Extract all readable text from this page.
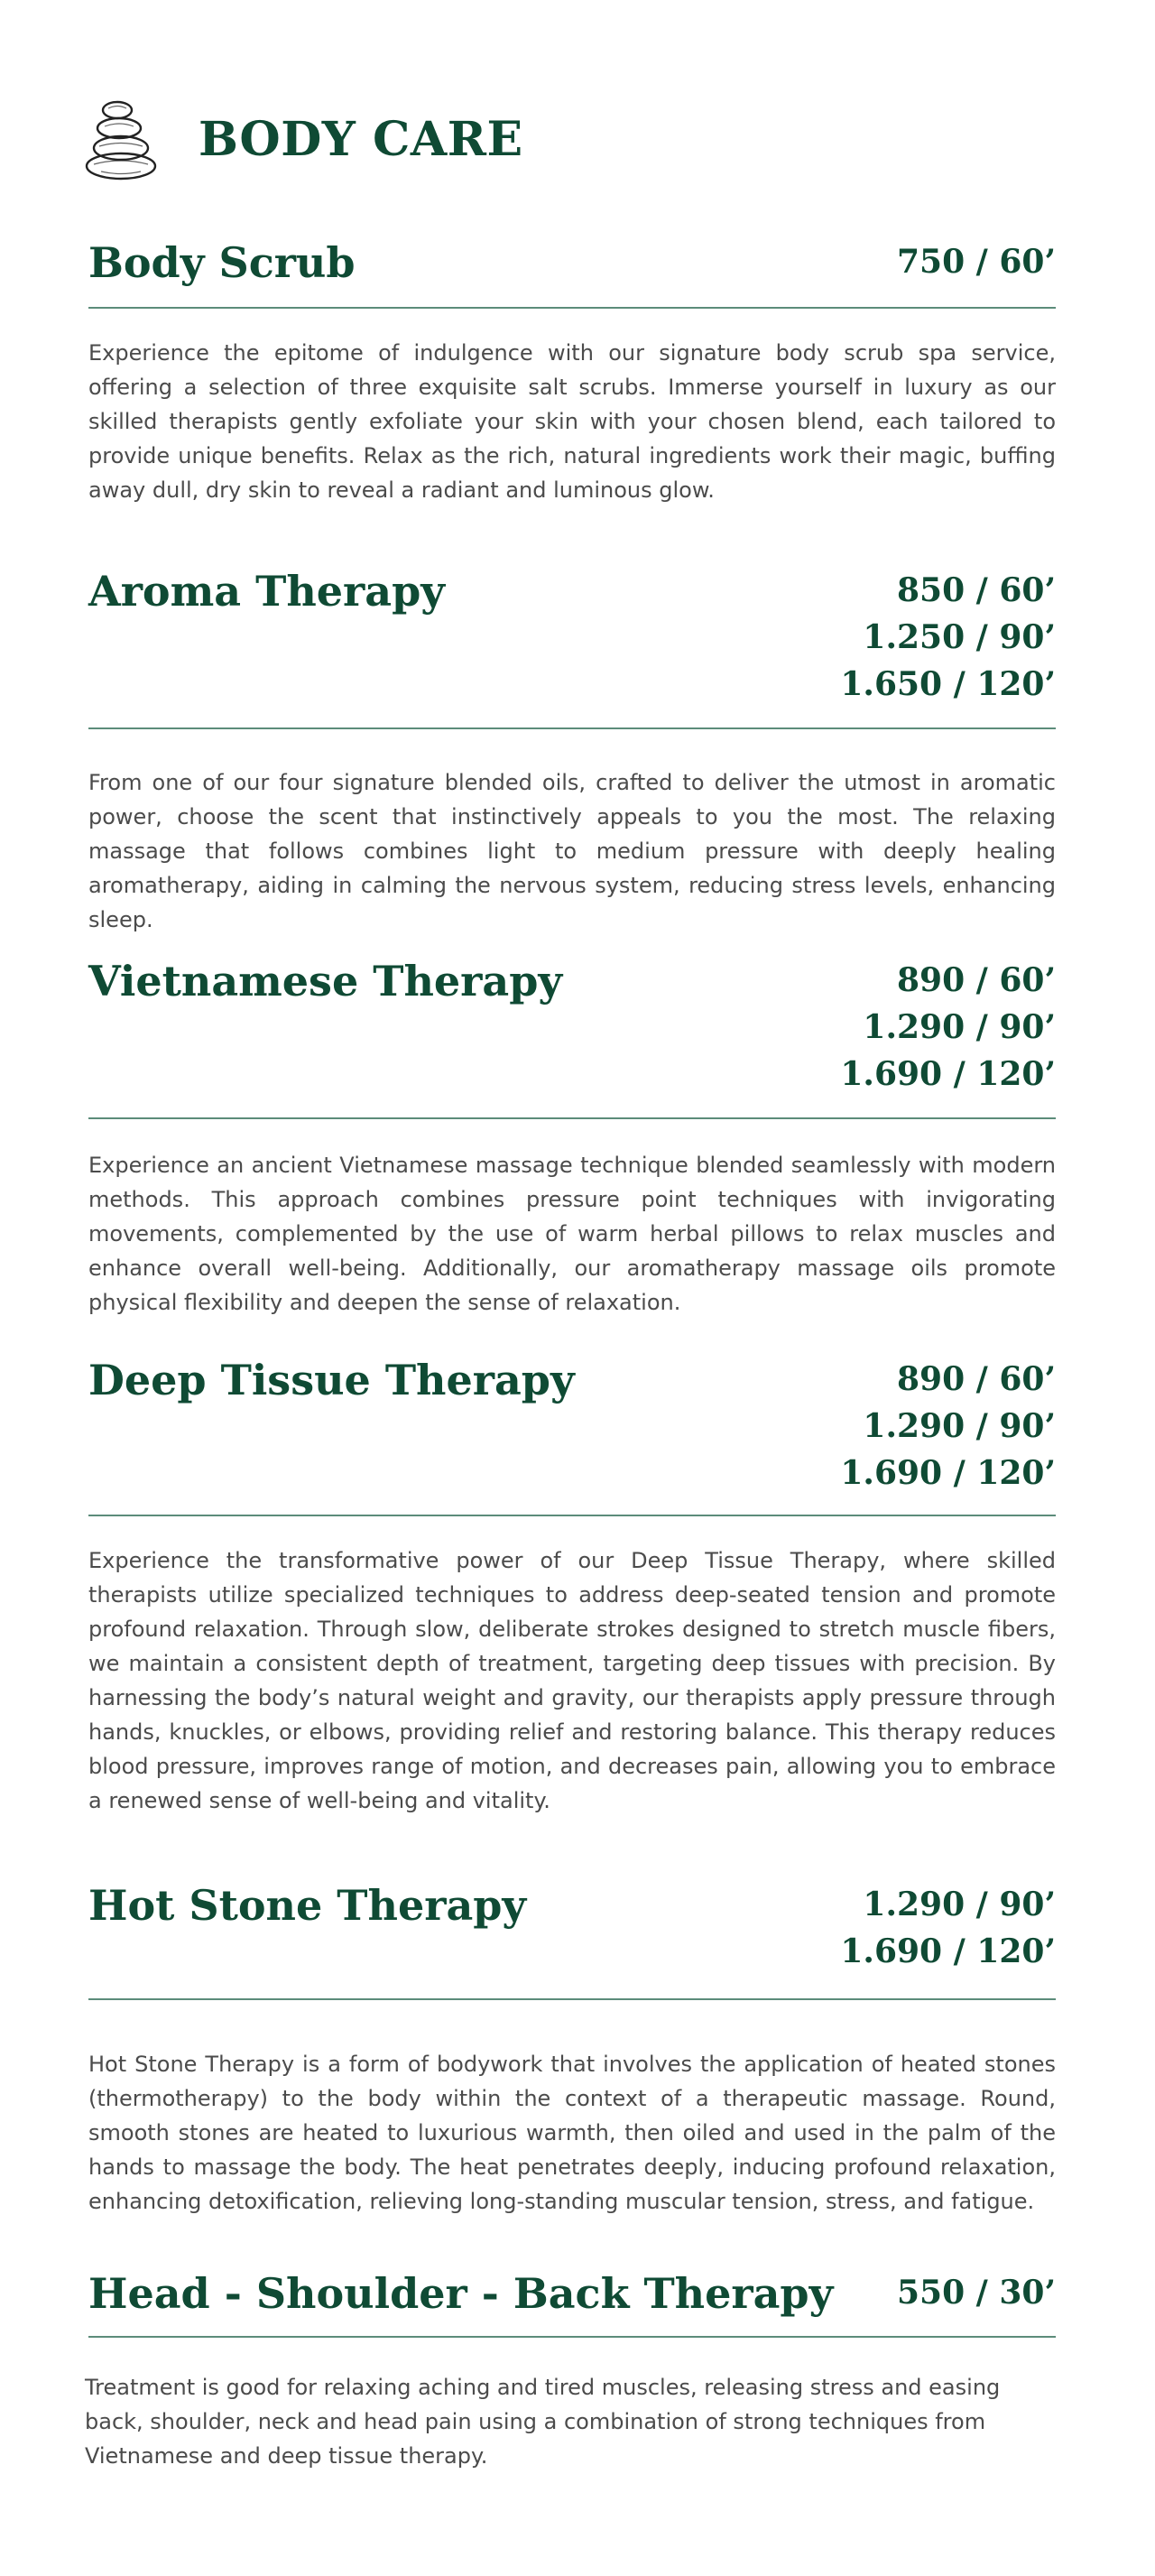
BODY CARE
Body Scrub	750 / 60’
Experience the epitome of indulgence with our signature body scrub spa service, offering a selection of three exquisite salt scrubs. Immerse yourself in luxury as our skilled therapists gently exfoliate your skin with your chosen blend, each tailored to provide unique benefits. Relax as the rich, natural ingredients work their magic, buffing away dull, dry skin to reveal a radiant and luminous glow.
Aroma Therapy	850 / 60’
1.250 / 90’
1.650 / 120’
From one of our four signature blended oils, crafted to deliver the utmost in aromatic power, choose the scent that instinctively appeals to you the most. The relaxing massage that follows combines light to medium pressure with deeply healing aromatherapy, aiding in calming the nervous system, reducing stress levels, enhancing sleep.
Vietnamese Therapy	890 / 60’
1.290 / 90’
1.690 / 120’
Experience an ancient Vietnamese massage technique blended seamlessly with modern methods. This approach combines pressure point techniques with invigorating movements, complemented by the use of warm herbal pillows to relax muscles and enhance overall well-being. Additionally, our aromatherapy massage oils promote physical flexibility and deepen the sense of relaxation.
Deep Tissue Therapy	890 / 60’
1.290 / 90’
1.690 / 120’
Experience the transformative power of our Deep Tissue Therapy, where skilled therapists utilize specialized techniques to address deep-seated tension and promote profound relaxation. Through slow, deliberate strokes designed to stretch muscle fibers, we maintain a consistent depth of treatment, targeting deep tissues with precision. By harnessing the body’s natural weight and gravity, our therapists apply pressure through hands, knuckles, or elbows, providing relief and restoring balance. This therapy reduces blood pressure, improves range of motion, and decreases pain, allowing you to embrace a renewed sense of well-being and vitality.
Hot Stone Therapy	1.290 / 90’
1.690 / 120’
Hot Stone Therapy is a form of bodywork that involves the application of heated stones (thermotherapy) to the body within the context of a therapeutic massage. Round, smooth stones are heated to luxurious warmth, then oiled and used in the palm of the hands to massage the body. The heat penetrates deeply, inducing profound relaxation, enhancing detoxification, relieving long-standing muscular tension, stress, and fatigue.
Head - Shoulder - Back Therapy 550 / 30’
Treatment is good for relaxing aching and tired muscles, releasing stress and easing back, shoulder, neck and head pain using a combination of strong techniques from Vietnamese and deep tissue therapy.
